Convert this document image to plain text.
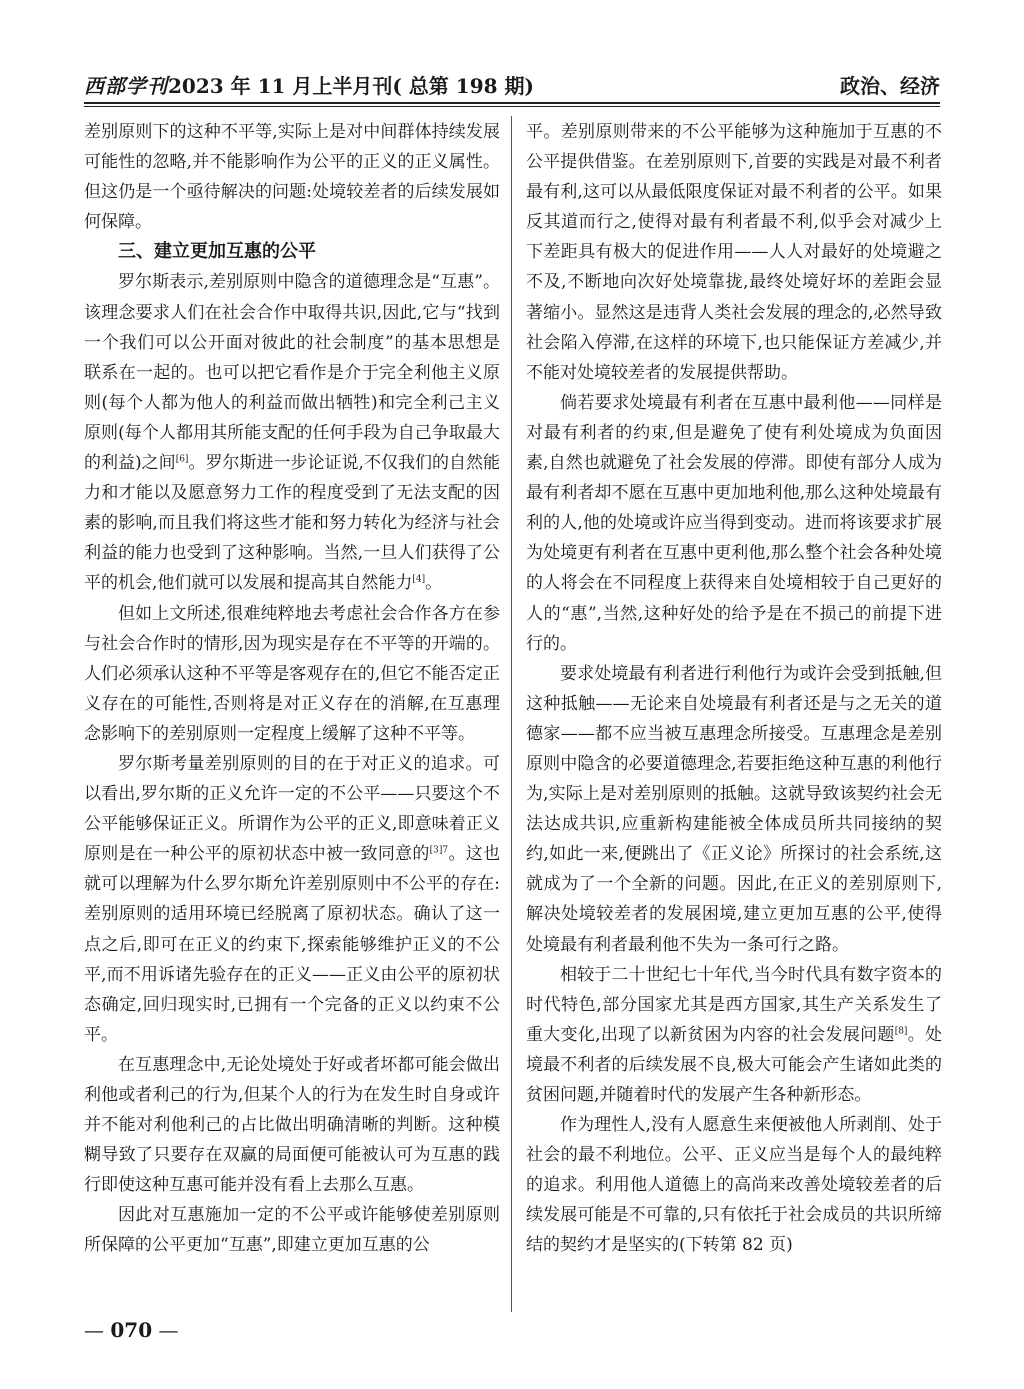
西部学刊2023 年 11 月上半月刊( 总第 198 期)	政治、经济

差别原则下的这种不平等,实际上是对中间群体持续发展可能性的忽略,并不能影响作为公平的正义的正义属性。但这仍是一个亟待解决的问题:处境较差者的后续发展如何保障。

三、建立更加互惠的公平

罗尔斯表示,差别原则中隐含的道德理念是“互惠”。该理念要求人们在社会合作中取得共识,因此,它与“找到一个我们可以公开面对彼此的社会制度”的基本思想是联系在一起的。也可以把它看作是介于完全利他主义原则(每个人都为他人的利益而做出牺牲)和完全利己主义原则(每个人都用其所能支配的任何手段为自己争取最大的利益)之间[6]。罗尔斯进一步论证说,不仅我们的自然能力和才能以及愿意努力工作的程度受到了无法支配的因素的影响,而且我们将这些才能和努力转化为经济与社会利益的能力也受到了这种影响。当然,一旦人们获得了公平的机会,他们就可以发展和提高其自然能力[4]。

但如上文所述,很难纯粹地去考虑社会合作各方在参与社会合作时的情形,因为现实是存在不平等的开端的。人们必须承认这种不平等是客观存在的,但它不能否定正义存在的可能性,否则将是对正义存在的消解,在互惠理念影响下的差别原则一定程度上缓解了这种不平等。

罗尔斯考量差别原则的目的在于对正义的追求。可以看出,罗尔斯的正义允许一定的不公平——只要这个不公平能够保证正义。所谓作为公平的正义,即意味着正义原则是在一种公平的原初状态中被一致同意的$^{[3]7}$。这也就可以理解为什么罗尔斯允许差别原则中不公平的存在:差别原则的适用环境已经脱离了原初状态。确认了这一点之后,即可在正义的约束下,探索能够维护正义的不公平,而不用诉诸先验存在的正义——正义由公平的原初状态确定,回归现实时,已拥有一个完备的正义以约束不公平。

在互惠理念中,无论处境处于好或者坏都可能会做出利他或者利己的行为,但某个人的行为在发生时自身或许并不能对利他利己的占比做出明确清晰的判断。这种模糊导致了只要存在双赢的局面便可能被认可为互惠的践行即使这种互惠可能并没有看上去那么互惠。

因此对互惠施加一定的不公平或许能够使差别原则所保障的公平更加“互惠”,即建立更加互惠的公

平。差别原则带来的不公平能够为这种施加于互惠的不公平提供借鉴。在差别原则下,首要的实践是对最不利者最有利,这可以从最低限度保证对最不利者的公平。如果反其道而行之,使得对最有利者最不利,似乎会对减少上下差距具有极大的促进作用——人人对最好的处境避之不及,不断地向次好处境靠拢,最终处境好坏的差距会显著缩小。显然这是违背人类社会发展的理念的,必然导致社会陷入停滞,在这样的环境下,也只能保证方差减少,并不能对处境较差者的发展提供帮助。

倘若要求处境最有利者在互惠中最利他——同样是对最有利者的约束,但是避免了使有利处境成为负面因素,自然也就避免了社会发展的停滞。即使有部分人成为最有利者却不愿在互惠中更加地利他,那么这种处境最有利的人,他的处境或许应当得到变动。进而将该要求扩展为处境更有利者在互惠中更利他,那么整个社会各种处境的人将会在不同程度上获得来自处境相较于自己更好的人的“惠”,当然,这种好处的给予是在不损己的前提下进行的。

要求处境最有利者进行利他行为或许会受到抵触,但这种抵触——无论来自处境最有利者还是与之无关的道德家——都不应当被互惠理念所接受。互惠理念是差别原则中隐含的必要道德理念,若要拒绝这种互惠的利他行为,实际上是对差别原则的抵触。这就导致该契约社会无法达成共识,应重新构建能被全体成员所共同接纳的契约,如此一来,便跳出了《正义论》所探讨的社会系统,这就成为了一个全新的问题。因此,在正义的差别原则下,解决处境较差者的发展困境,建立更加互惠的公平,使得处境最有利者最利他不失为一条可行之路。

相较于二十世纪七十年代,当今时代具有数字资本的时代特色,部分国家尤其是西方国家,其生产关系发生了重大变化,出现了以新贫困为内容的社会发展问题[8]。处境最不利者的后续发展不良,极大可能会产生诸如此类的贫困问题,并随着时代的发展产生各种新形态。

作为理性人,没有人愿意生来便被他人所剥削、处于社会的最不利地位。公平、正义应当是每个人的最纯粹的追求。利用他人道德上的高尚来改善处境较差者的后续发展可能是不可靠的,只有依托于社会成员的共识所缔结的契约才是坚实的(下转第 82 页)

— 070 —
